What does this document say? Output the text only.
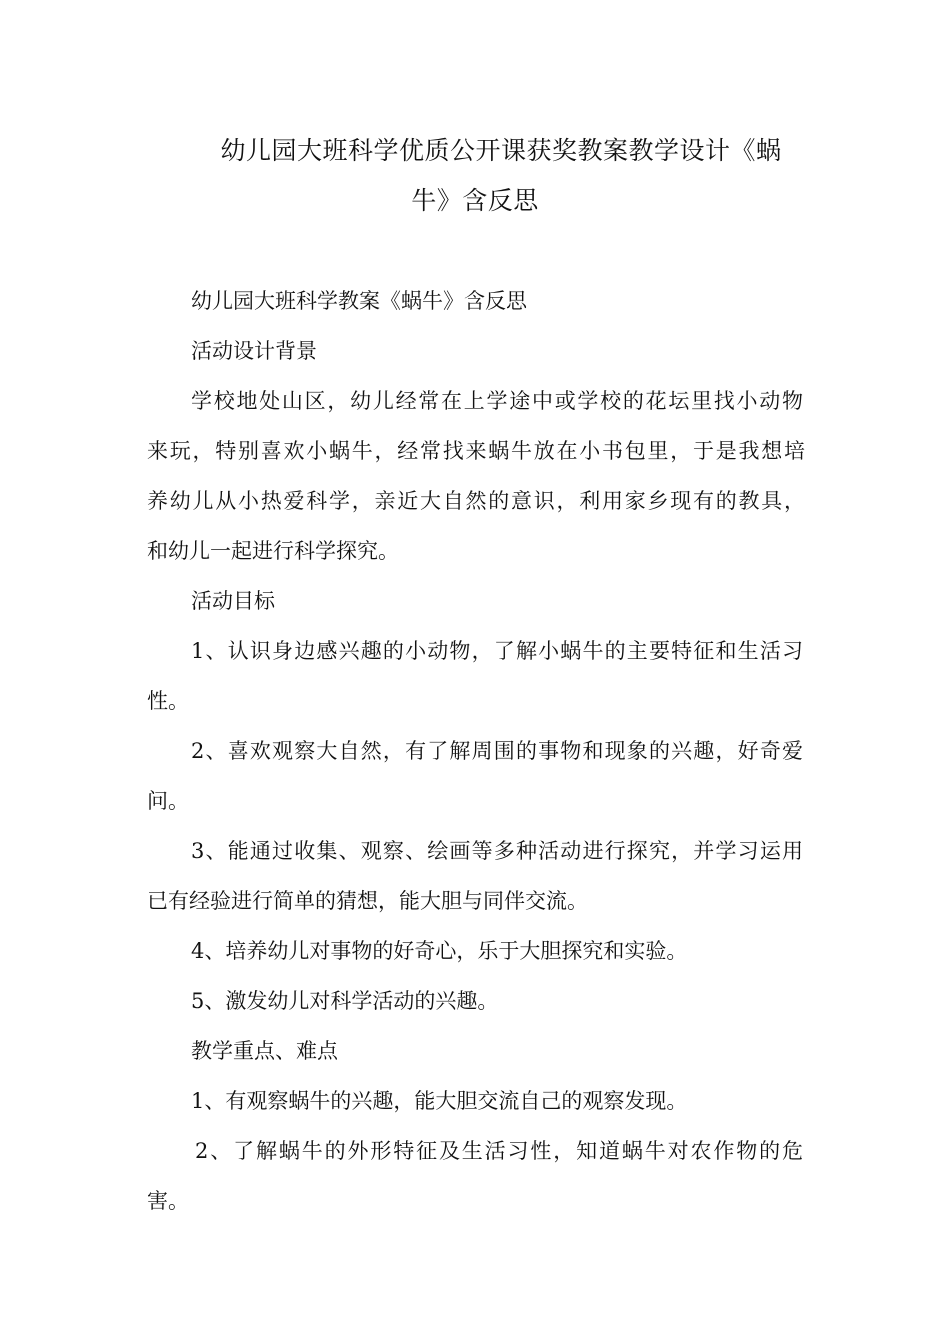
幼儿园大班科学优质公开课获奖教案教学设计《蜗
牛》含反思
幼儿园大班科学教案《蜗牛》含反思
活动设计背景
学校地处山区，幼儿经常在上学途中或学校的花坛里找小动物
来玩，特别喜欢小蜗牛，经常找来蜗牛放在小书包里，于是我想培
养幼儿从小热爱科学，亲近大自然的意识，利用家乡现有的教具，
和幼儿一起进行科学探究。
活动目标
1、认识身边感兴趣的小动物，了解小蜗牛的主要特征和生活习
性。
2、喜欢观察大自然，有了解周围的事物和现象的兴趣，好奇爱
问。
3、能通过收集、观察、绘画等多种活动进行探究，并学习运用
已有经验进行简单的猜想，能大胆与同伴交流。
4、培养幼儿对事物的好奇心，乐于大胆探究和实验。
5、激发幼儿对科学活动的兴趣。
教学重点、难点
1、有观察蜗牛的兴趣，能大胆交流自己的观察发现。
2、了解蜗牛的外形特征及生活习性，知道蜗牛对农作物的危
害。
